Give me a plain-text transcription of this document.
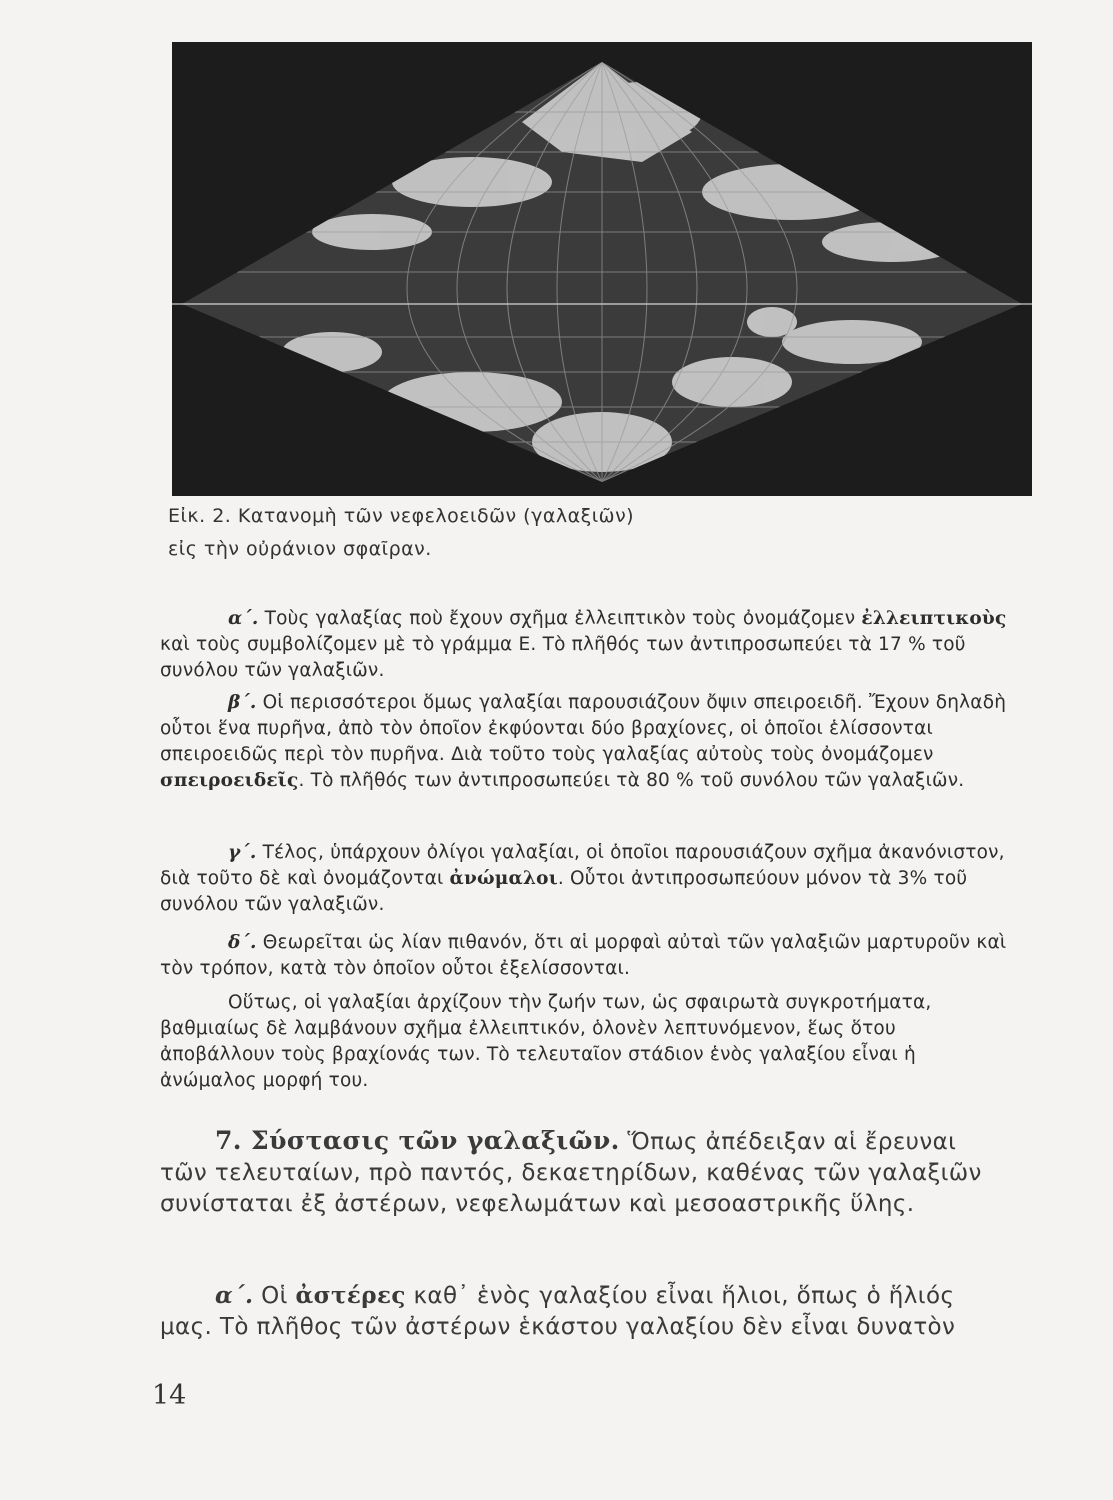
Εἰκ. 2. Κατανομὴ τῶν νεφελοειδῶν (γαλαξιῶν)
εἰς τὴν οὐράνιον σφαῖραν.
α΄. Τοὺς γαλαξίας ποὺ ἔχουν σχῆμα ἐλλειπτικὸν τοὺς ὀνομάζομεν ἐλλειπτικοὺς καὶ τοὺς συμβολίζομεν μὲ τὸ γράμμα Ε. Τὸ πλῆθός των ἀντιπροσωπεύει τὰ 17 % τοῦ συνόλου τῶν γαλαξιῶν.
β΄. Οἱ περισσότεροι ὅμως γαλαξίαι παρουσιάζουν ὄψιν σπειροειδῆ. Ἔχουν δηλαδὴ οὗτοι ἕνα πυρῆνα, ἀπὸ τὸν ὁποῖον ἐκφύονται δύο βραχίονες, οἱ ὁποῖοι ἑλίσσονται σπειροειδῶς περὶ τὸν πυρῆνα. Διὰ τοῦτο τοὺς γαλαξίας αὐτοὺς τοὺς ὀνομάζομεν σπειροειδεῖς. Τὸ πλῆθός των ἀντιπροσωπεύει τὰ 80 % τοῦ συνόλου τῶν γαλαξιῶν.
γ΄. Τέλος, ὑπάρχουν ὀλίγοι γαλαξίαι, οἱ ὁποῖοι παρουσιάζουν σχῆμα ἀκανόνιστον, διὰ τοῦτο δὲ καὶ ὀνομάζονται ἀνώμαλοι. Οὗτοι ἀντιπροσωπεύουν μόνον τὰ 3% τοῦ συνόλου τῶν γαλαξιῶν.
δ΄. Θεωρεῖται ὡς λίαν πιθανόν, ὅτι αἱ μορφαὶ αὐταὶ τῶν γαλαξιῶν μαρτυροῦν καὶ τὸν τρόπον, κατὰ τὸν ὁποῖον οὗτοι ἐξελίσσονται.
Οὕτως, οἱ γαλαξίαι ἀρχίζουν τὴν ζωήν των, ὡς σφαιρωτὰ συγκροτήματα, βαθμιαίως δὲ λαμβάνουν σχῆμα ἐλλειπτικόν, ὁλονὲν λεπτυνόμενον, ἕως ὅτου ἀποβάλλουν τοὺς βραχίονάς των. Τὸ τελευταῖον στάδιον ἑνὸς γαλαξίου εἶναι ἡ ἀνώμαλος μορφή του.
7. Σύστασις τῶν γαλαξιῶν. Ὅπως ἀπέδειξαν αἱ ἔρευναι τῶν τελευταίων, πρὸ παντός, δεκαετηρίδων, καθένας τῶν γαλαξιῶν συνίσταται ἐξ ἀστέρων, νεφελωμάτων καὶ μεσοαστρικῆς ὕλης.
α΄. Οἱ ἀστέρες καθ᾽ ἑνὸς γαλαξίου εἶναι ἥλιοι, ὅπως ὁ ἥλιός μας. Τὸ πλῆθος τῶν ἀστέρων ἑκάστου γαλαξίου δὲν εἶναι δυνατὸν
14
